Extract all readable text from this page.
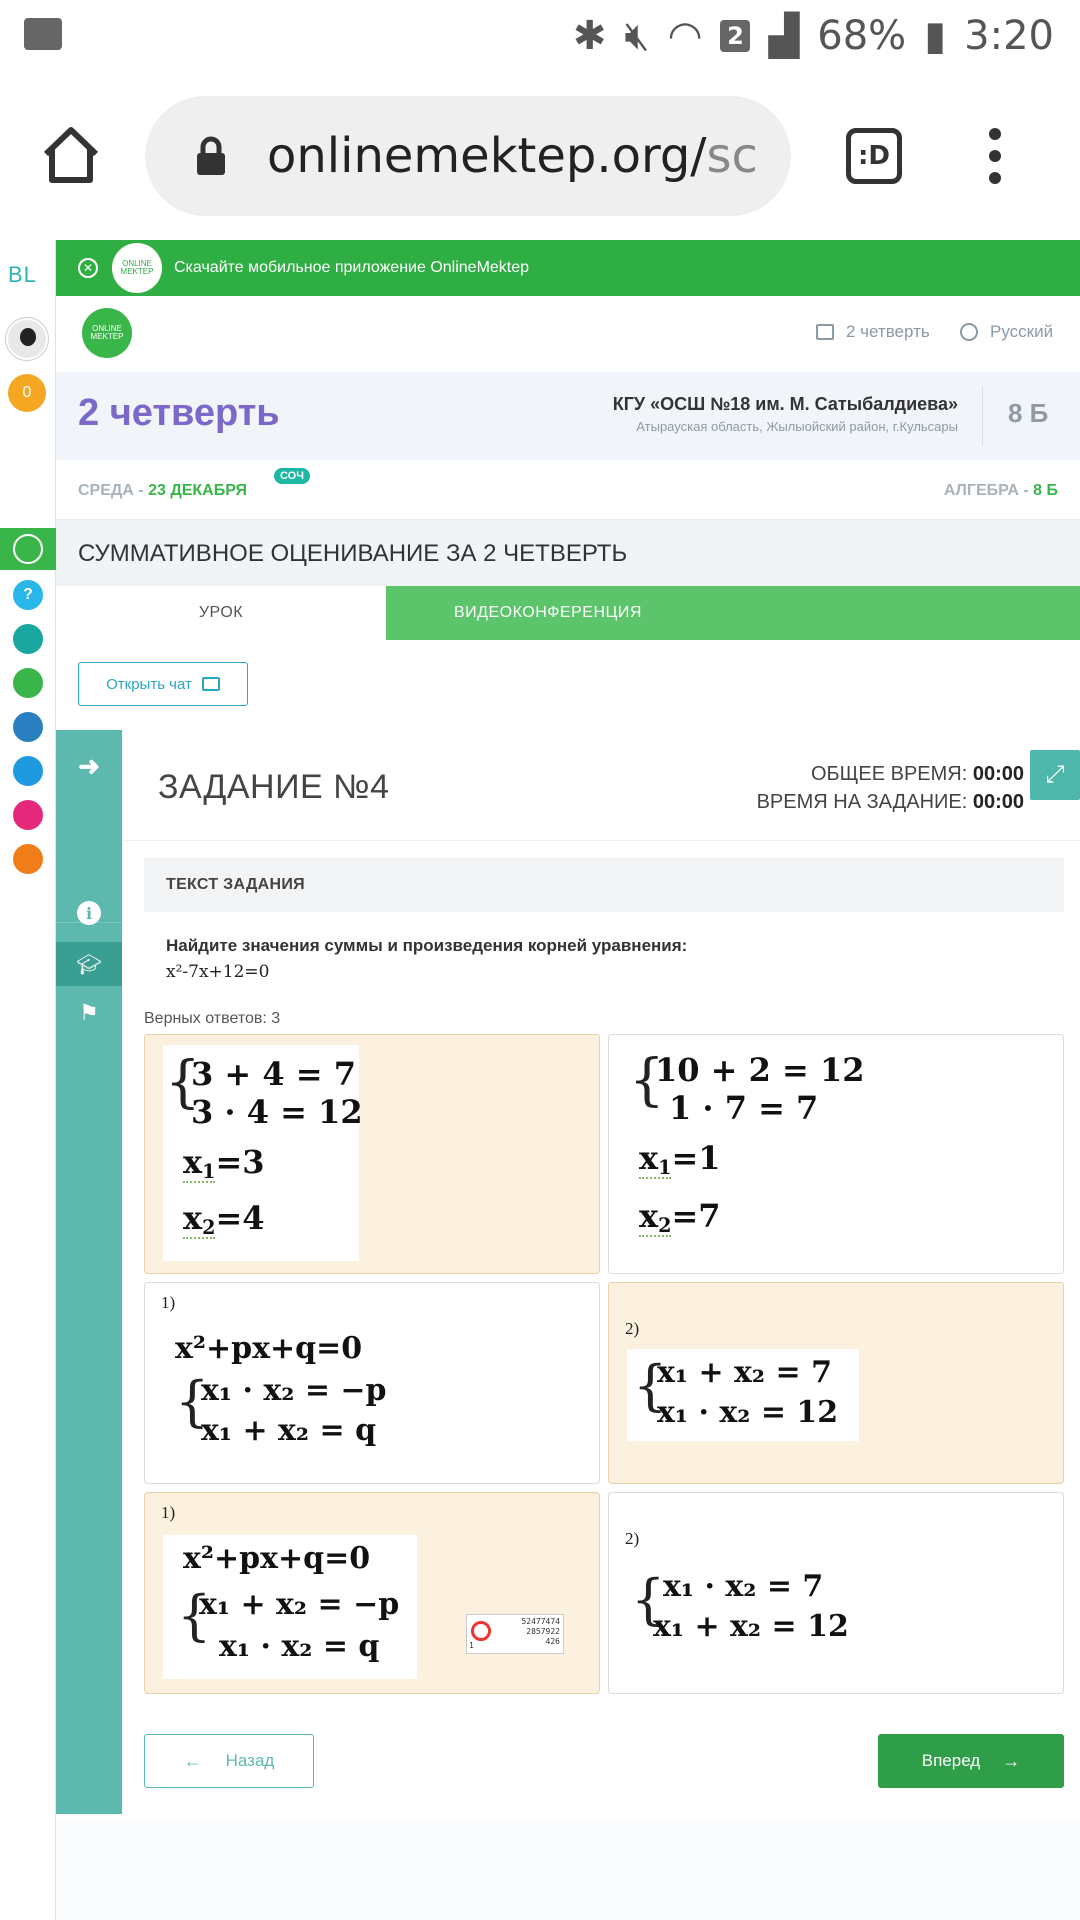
✱ 🔇︎ ◠ 2 ▟ 68% ▮ 3:20
onlinemektep.org/sc	:D
BL
0
?
✕	ONLINE MEKTEP	Скачайте мобильное приложение OnlineMektep
ONLINE MEKTEP	2 четверть	Русский
2 четверть	КГУ «ОСШ №18 им. М. Сатыбалдиева»
Атырауская область, Жылыойский район, г.Кульсары 8 Б
СРЕДА - 23 ДЕКАБРЯ
СОЧ
АЛГЕБРА - 8 Б
СУММАТИВНОЕ ОЦЕНИВАНИЕ ЗА 2 ЧЕТВЕРТЬ
УРОК	ВИДЕОКОНФЕРЕНЦИЯ
Открыть чат
➜
i
🎓︎
⚑
ЗАДАНИЕ №4	ОБЩЕЕ ВРЕМЯ: 00:00
ВРЕМЯ НА ЗАДАНИЕ: 00:00
⤢
ТЕКСТ ЗАДАНИЯ
Найдите значения суммы и произведения корней уравнения:
x²-7x+12=0
Верных ответов: 3
{
3 + 4 = 7
3 · 4 = 12
$x_1=3$
$x_2=4$
{
10 + 2 = 12
1 · 7 = 7
$x_1=1$
$x_2=7$
1)
x²+px+q=0
{
x₁ · x₂ = −p
x₁ + x₂ = q
2)
{
x₁ + x₂ = 7
x₁ · x₂ = 12
1)
x²+px+q=0
{
x₁ + x₂ = −p
x₁ · x₂ = q
2)
{
x₁ · x₂ = 7
x₁ + x₂ = 12
← Назад	Вперед →
52477474
2857922
426
1
